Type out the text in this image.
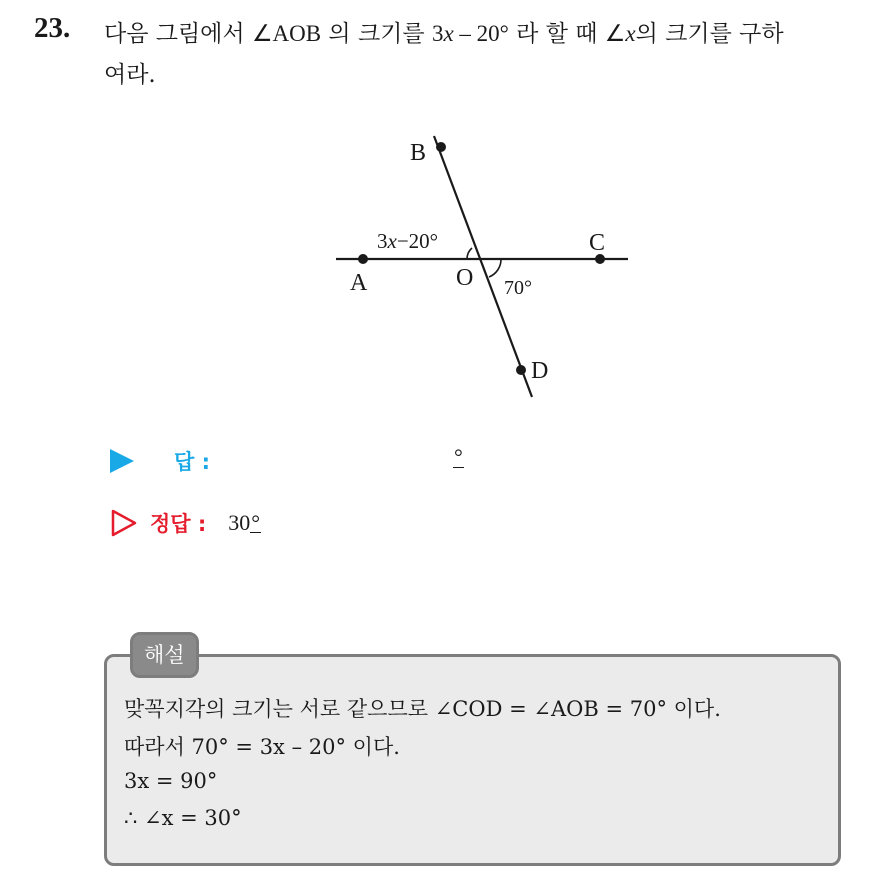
23. 다음 그림에서 ∠AOB 의 크기를 3x – 20° 라 할 때 ∠x의 크기를 구하
여라.
B
C
A	O
D
3x−20°
70°
답 :	°
정답 : 30°
해설
맞꼭지각의 크기는 서로 같으므로 ∠COD = ∠AOB = 70° 이다.
따라서 70° = 3x – 20° 이다.
3x = 90°
∴ ∠x = 30°
